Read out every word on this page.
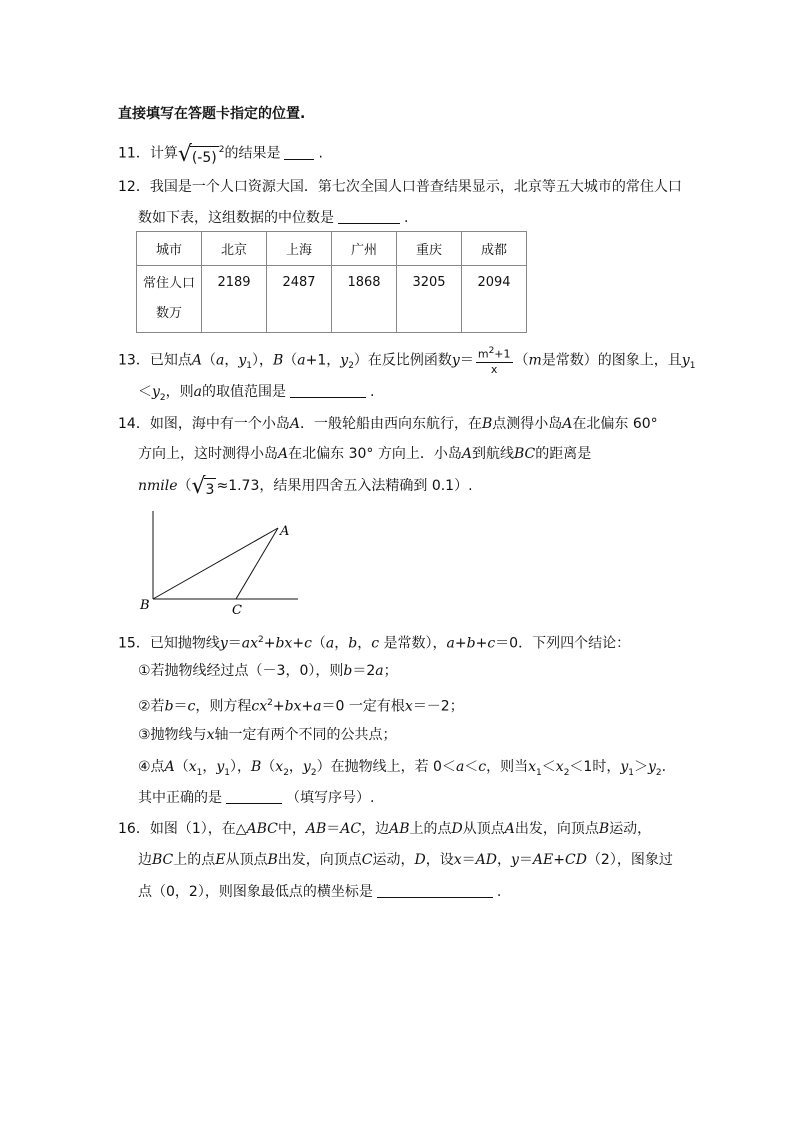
直接填写在答题卡指定的位置.
11．计算 √ (-5) $^2$的结果是	.
12．我国是一个人口资源大国．第七次全国人口普查结果显示，北京等五大城市的常住人口
数如下表，这组数据的中位数是	.
城市	北京	上海	广州	重庆	成都
常住人口
数万	2189	2487	1868	3205	2094
13．已知点A（a，$y_1$），B（a+1，$y_2$）在反比例函数$y= \frac{m^2+1}{x} (m$是常数）的图象上，且$y_1$
$<y_2$，则a的取值范围是	.
14．如图，海中有一个小岛A．一般轮船由西向东航行，在B点测得小岛A在北偏东 60°
方向上，这时测得小岛A在北偏东 30° 方向上．小岛A到航线BC的距离是
nmile（ √ 3 ≈1.73，结果用四舍五入法精确到 0.1）.
A
B	C
15．已知抛物线$y=ax^2+bx+c(a$，b，c 是常数），a+b+c＝0．下列四个结论：
①若抛物线经过点（－3，0），则b＝2a；
②若b＝c，则方程$cx^2+bx+a=0$ 一定有根x＝－2；
③抛物线与x轴一定有两个不同的公共点；
④点$A(x_1$，$y_1$），$B(x_2$，$y_2$）在抛物线上，若 0＜a＜c，则当$x_1<x_2<1$时，$y_1>y_2$.
其中正确的是	（填写序号）.
16．如图（1），在△ABC中，AB＝AC，边AB上的点D从顶点A出发，向顶点B运动，
边BC上的点E从顶点B出发，向顶点C运动，D，设x＝AD，y＝AE+CD（2），图象过
点（0，2），则图象最低点的横坐标是	.
